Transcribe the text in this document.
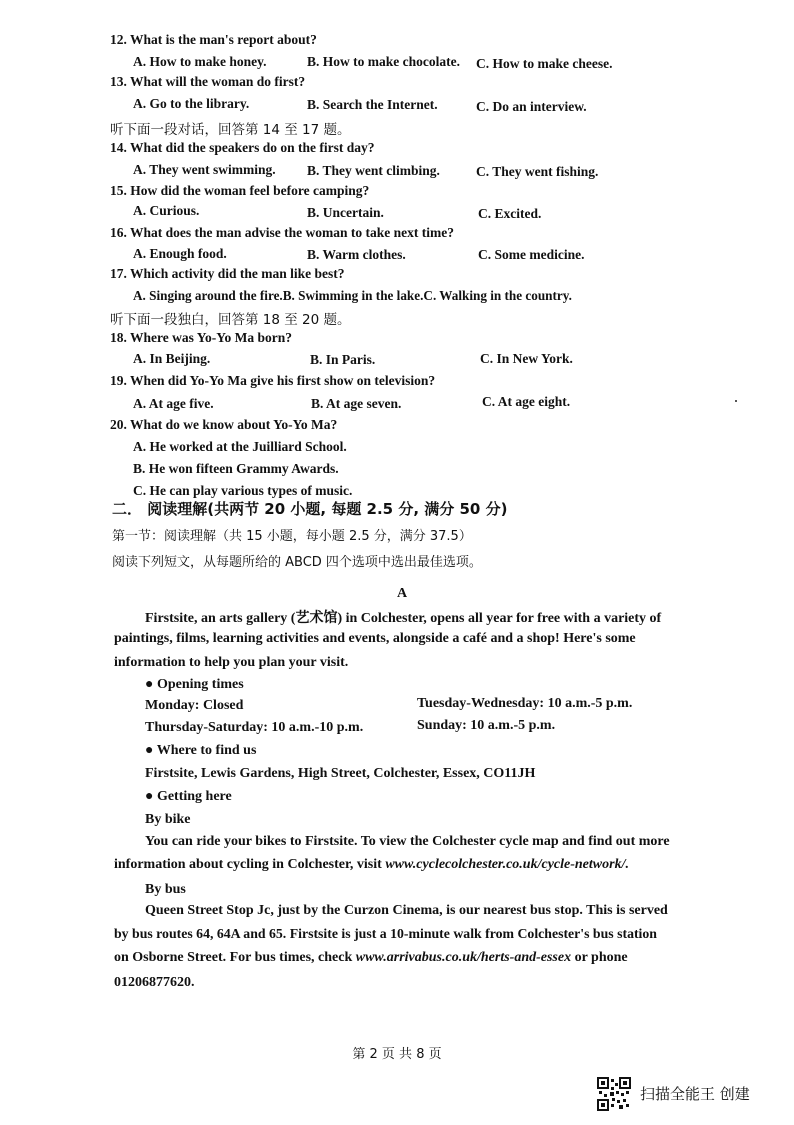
12. What is the man's report about?
A. How to make honey.	B. How to make chocolate. C. How to make cheese.
13. What will the woman do first?
A. Go to the library.	B. Search the Internet.	C. Do an interview.
听下面一段对话，回答第 14 至 17 题。
14. What did the speakers do on the first day?
A. They went swimming. B. They went climbing.	C. They went fishing.
15. How did the woman feel before camping?
A. Curious.	B. Uncertain.	C. Excited.
16. What does the man advise the woman to take next time?
A. Enough food.	B. Warm clothes.	C. Some medicine.
17. Which activity did the man like best?
A. Singing around the fire.B. Swimming in the lake.C. Walking in the country.
听下面一段独白，回答第 18 至 20 题。
18. Where was Yo-Yo Ma born?
A. In Beijing.	B. In Paris.	C. In New York.
19. When did Yo-Yo Ma give his first show on television?
A. At age five.	B. At age seven.	C. At age eight.
20. What do we know about Yo-Yo Ma?
A. He worked at the Juilliard School.
B. He won fifteen Grammy Awards.
C. He can play various types of music.
二． 阅读理解(共两节 20 小题, 每题 2.5 分, 满分 50 分)
第一节：阅读理解（共 15 小题，每小题 2.5 分，满分 37.5）
阅读下列短文，从每题所给的 ABCD 四个选项中选出最佳选项。
A
Firstsite, an arts gallery (艺术馆) in Colchester, opens all year for free with a variety of
paintings, films, learning activities and events, alongside a café and a shop! Here's some
information to help you plan your visit.
● Opening times
Monday: Closed	Tuesday-Wednesday: 10 a.m.-5 p.m.
Thursday-Saturday: 10 a.m.-10 p.m.	Sunday: 10 a.m.-5 p.m.
● Where to find us
Firstsite, Lewis Gardens, High Street, Colchester, Essex, CO11JH
● Getting here
By bike
You can ride your bikes to Firstsite. To view the Colchester cycle map and find out more
information about cycling in Colchester, visit www.cyclecolchester.co.uk/cycle-network/.
By bus
Queen Street Stop Jc, just by the Curzon Cinema, is our nearest bus stop. This is served
by bus routes 64, 64A and 65. Firstsite is just a 10-minute walk from Colchester's bus station
on Osborne Street. For bus times, check www.arrivabus.co.uk/herts-and-essex or phone
01206877620.
第 2 页 共 8 页
扫描全能王 创建
